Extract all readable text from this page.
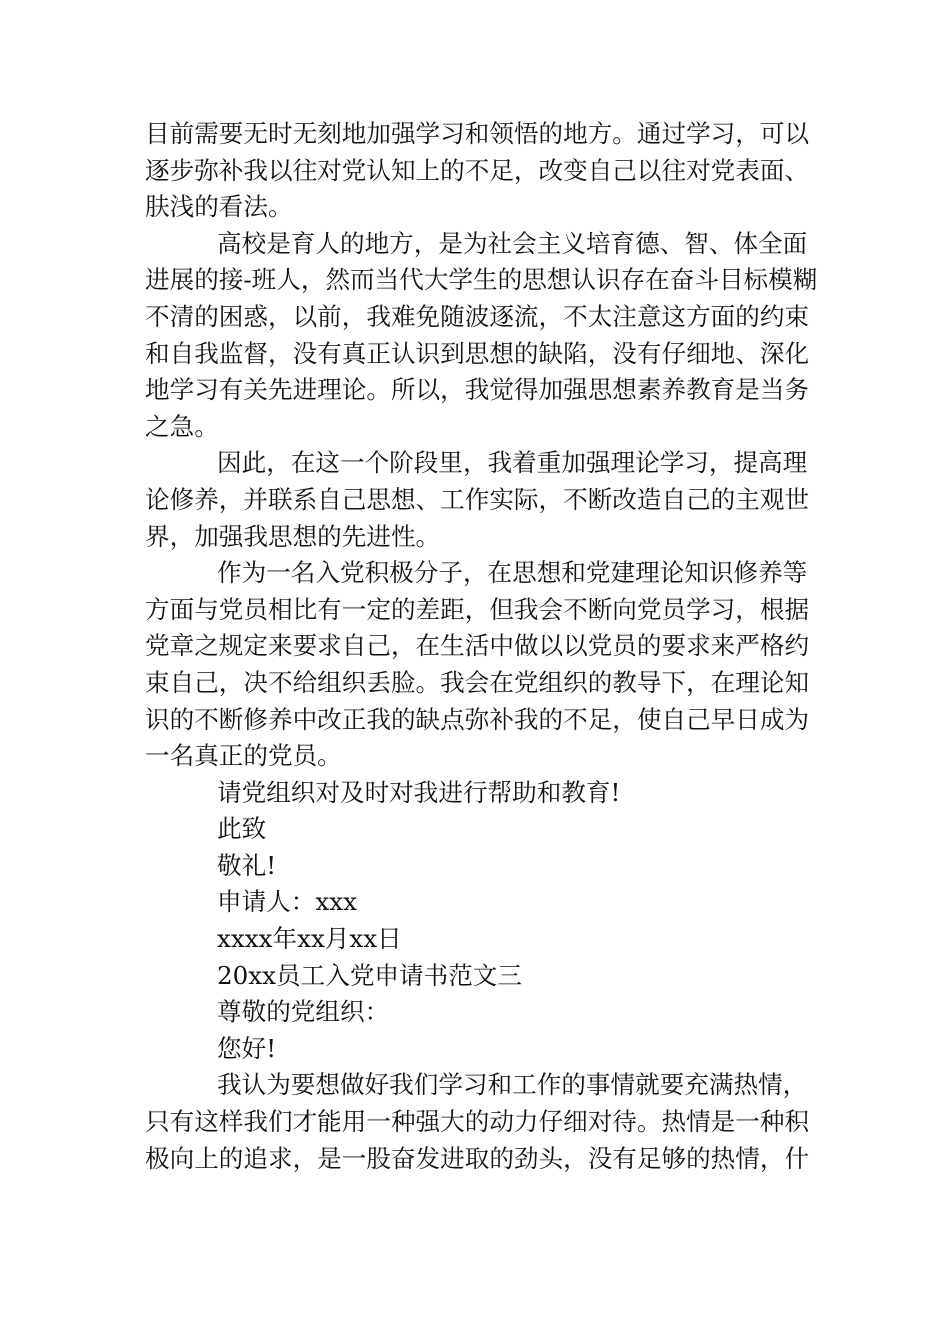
目前需要无时无刻地加强学习和领悟的地方。通过学习，可以
逐步弥补我以往对党认知上的不足，改变自己以往对党表面、
肤浅的看法。
高校是育人的地方，是为社会主义培育德、智、体全面
进展的接-班人，然而当代大学生的思想认识存在奋斗目标模糊
不清的困惑，以前，我难免随波逐流，不太注意这方面的约束
和自我监督，没有真正认识到思想的缺陷，没有仔细地、深化
地学习有关先进理论。所以，我觉得加强思想素养教育是当务
之急。
因此，在这一个阶段里，我着重加强理论学习，提高理
论修养，并联系自己思想、工作实际，不断改造自己的主观世
界，加强我思想的先进性。
作为一名入党积极分子，在思想和党建理论知识修养等
方面与党员相比有一定的差距，但我会不断向党员学习，根据
党章之规定来要求自己，在生活中做以以党员的要求来严格约
束自己，决不给组织丢脸。我会在党组织的教导下，在理论知
识的不断修养中改正我的缺点弥补我的不足，使自己早日成为
一名真正的党员。
请党组织对及时对我进行帮助和教育!
此致
敬礼!
申请人：xxx
xxxx年xx月xx日
20xx员工入党申请书范文三
尊敬的党组织：
您好!
我认为要想做好我们学习和工作的事情就要充满热情，
只有这样我们才能用一种强大的动力仔细对待。热情是一种积
极向上的追求，是一股奋发进取的劲头，没有足够的热情，什
